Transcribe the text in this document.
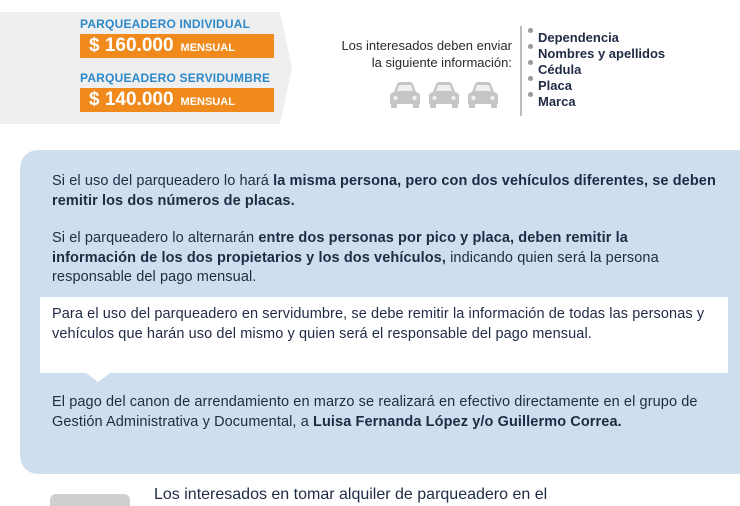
PARQUEADERO INDIVIDUAL
$ 160.000 MENSUAL
PARQUEADERO SERVIDUMBRE
$ 140.000 MENSUAL
Los interesados deben enviar
la siguiente información:
Dependencia
Nombres y apellidos
Cédula
Placa
Marca
Si el uso del parqueadero lo hará la misma persona, pero con dos vehículos diferentes, se deben remitir los dos números de placas.
Si el parqueadero lo alternarán entre dos personas por pico y placa, deben remitir la información de los dos propietarios y los dos vehículos, indicando quien será la persona responsable del pago mensual.
Para el uso del parqueadero en servidumbre, se debe remitir la información de todas las personas y vehículos que harán uso del mismo y quien será el responsable del pago mensual.
El pago del canon de arrendamiento en marzo se realizará en efectivo directamente en el grupo de Gestión Administrativa y Documental, a Luisa Fernanda López y/o Guillermo Correa.
Los interesados en tomar alquiler de parqueadero en el
